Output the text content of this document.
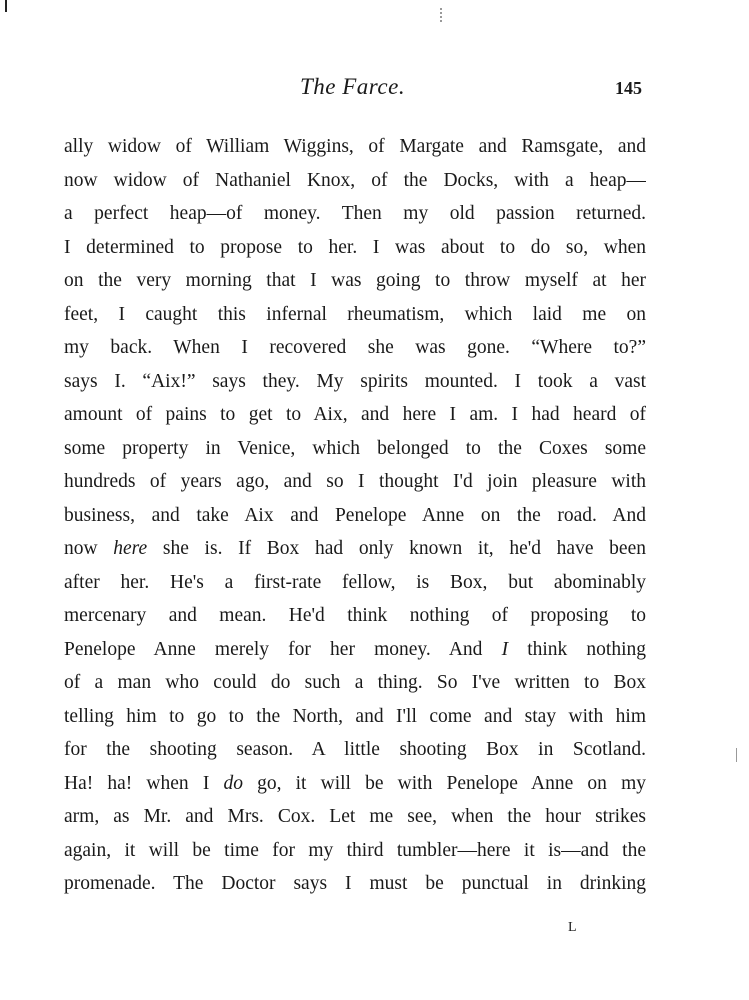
The Farce.	145
ally widow of William Wiggins, of Margate and Ramsgate, and
now widow of Nathaniel Knox, of the Docks, with a heap—
a perfect heap—of money. Then my old passion returned.
I determined to propose to her. I was about to do so, when
on the very morning that I was going to throw myself at her
feet, I caught this infernal rheumatism, which laid me on
my back. When I recovered she was gone. “Where to?”
says I. “Aix!” says they. My spirits mounted. I took a vast
amount of pains to get to Aix, and here I am. I had heard of
some property in Venice, which belonged to the Coxes some
hundreds of years ago, and so I thought I'd join pleasure with
business, and take Aix and Penelope Anne on the road. And
now here she is. If Box had only known it, he'd have been
after her. He's a first-rate fellow, is Box, but abominably
mercenary and mean. He'd think nothing of proposing to
Penelope Anne merely for her money. And I think nothing
of a man who could do such a thing. So I've written to Box
telling him to go to the North, and I'll come and stay with him
for the shooting season. A little shooting Box in Scotland.
Ha! ha! when I do go, it will be with Penelope Anne on my
arm, as Mr. and Mrs. Cox. Let me see, when the hour strikes
again, it will be time for my third tumbler—here it is—and the
promenade. The Doctor says I must be punctual in drinking
L
